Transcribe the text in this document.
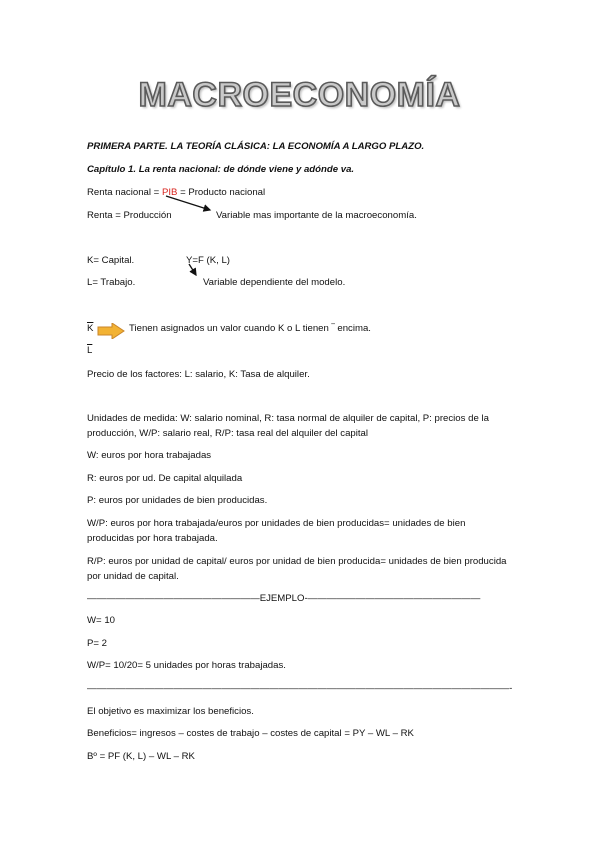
MACROECONOMÍA
PRIMERA PARTE. LA TEORÍA CLÁSICA: LA ECONOMÍA A LARGO PLAZO.
Capítulo 1. La renta nacional: de dónde viene y adónde va.
Renta nacional = PIB = Producto nacional
Renta = Producción	Variable mas importante de la macroeconomía.
K= Capital.	Y=F (K, L)
L= Trabajo.	Variable dependiente del modelo.
$\overline{K}$
$\overline{L}$
Tienen asignados un valor cuando K o L tienen ‾ encima.
Precio de los factores: L: salario, K: Tasa de alquiler.
Unidades de medida: W: salario nominal, R: tasa normal de alquiler de capital, P: precios de la producción, W/P: salario real, R/P: tasa real del alquiler del capital
W: euros por hora trabajadas
R: euros por ud. De capital alquilada
P: euros por unidades de bien producidas.
W/P: euros por hora trabajada/euros por unidades de bien producidas= unidades de bien producidas por hora trabajada.
R/P: euros por unidad de capital/ euros por unidad de bien producida= unidades de bien producida por unidad de capital.
——————————————————EJEMPLO-——————————————————
W= 10
P= 2
W/P= 10/20= 5 unidades por horas trabajadas.
————————————————————————————————————————————-
El objetivo es maximizar los beneficios.
Beneficios= ingresos – costes de trabajo – costes de capital = PY – WL – RK
Bº = PF (K, L) – WL – RK
